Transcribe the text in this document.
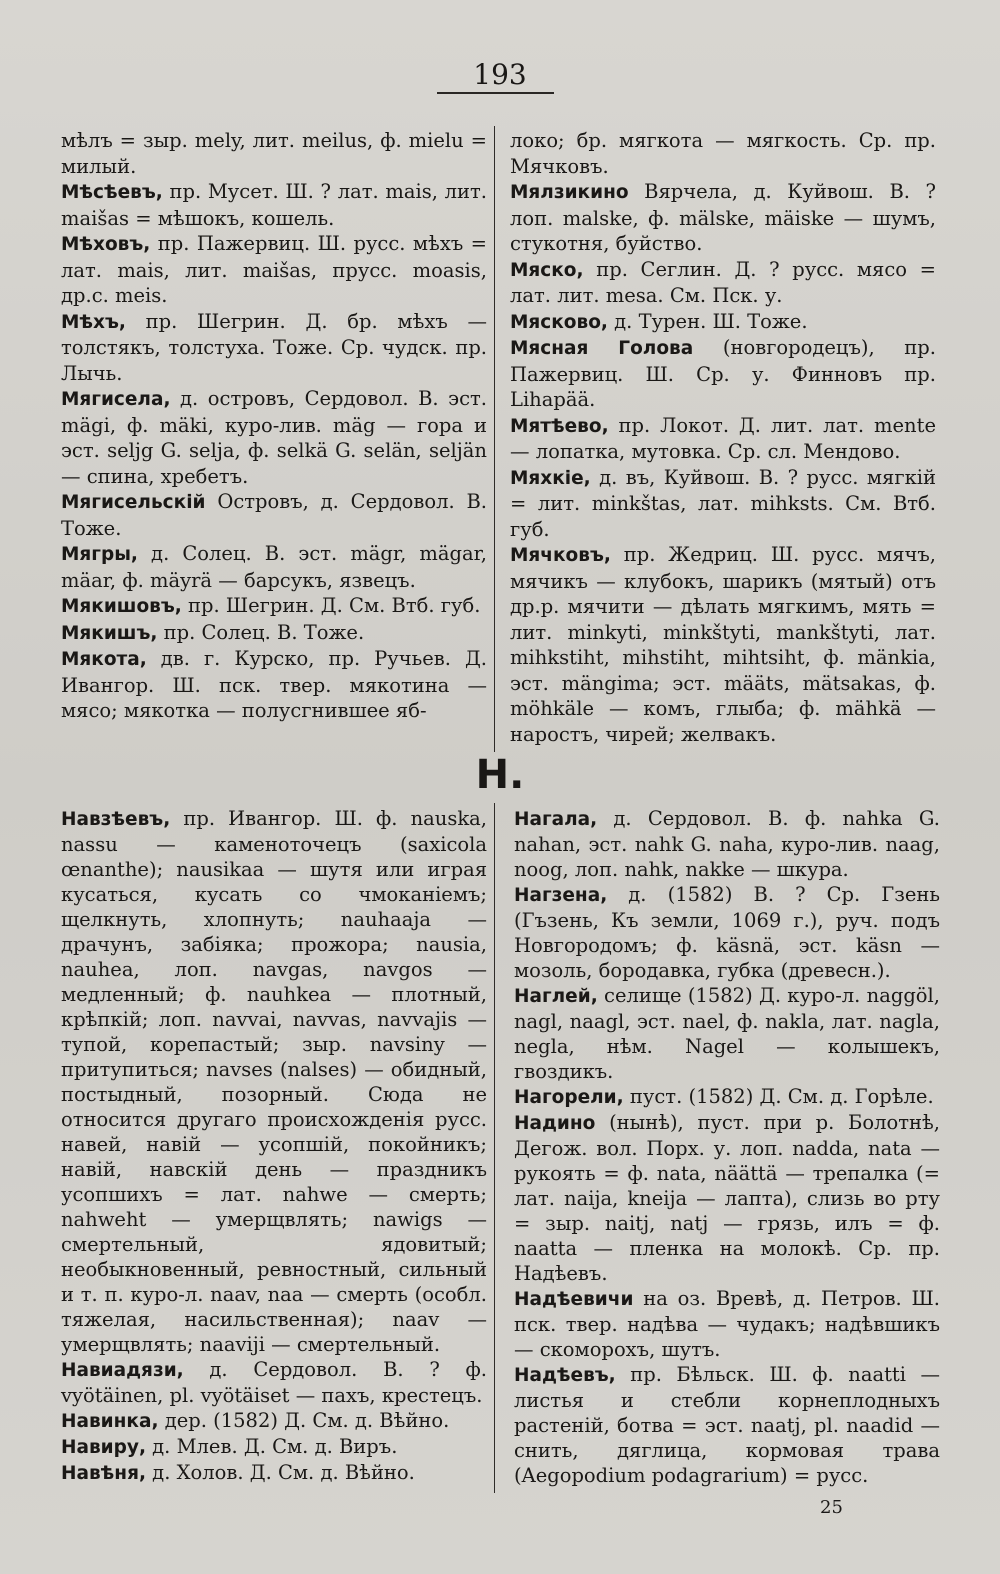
193
мѣлъ = зыр. mely, лит. meilus, ф. mielu = милый.
Мѣсѣевъ, пр. Мусет. Ш. ? лат. mais, лит. maišas = мѣшокъ, кошель.
Мѣховъ, пр. Пажервиц. Ш. русс. мѣхъ = лат. mais, лит. maišas, прусс. moasis, др.с. meis.
Мѣхъ, пр. Шегрин. Д. бр. мѣхъ — толстякъ, толстуха. Тоже. Ср. чудск. пр. Лычь.
Мягисела, д. островъ, Сердовол. В. эст. mägi, ф. mäki, куро-лив. mäg — гора и эст. seljg G. selja, ф. selkä G. selän, seljän — спина, хребетъ.
Мягисельскій Островъ, д. Сердовол. В. Тоже.
Мягры, д. Солец. В. эст. mägr, mägar, mäar, ф. mäyrä — барсукъ, язвецъ.
Мякишовъ, пр. Шегрин. Д. См. Втб. губ.
Мякишъ, пр. Солец. В. Тоже.
Мякота, дв. г. Курско, пр. Ручьев. Д. Ивангор. Ш. пск. твер. мякотина — мясо; мякотка — полусгнившее яб-
локо; бр. мягкота — мягкость. Ср. пр. Мячковъ.
Мялзикино Вярчела, д. Куйвош. В. ? лоп. malske, ф. mälske, mäiske — шумъ, стукотня, буйство.
Мяско, пр. Сеглин. Д. ? русс. мясо = лат. лит. mesa. См. Пск. у.
Мясково, д. Турен. Ш. Тоже.
Мясная Голова (новгородецъ), пр. Пажервиц. Ш. Ср. у. Финновъ пр. Lihapää.
Мятѣево, пр. Локот. Д. лит. лат. mente — лопатка, мутовка. Ср. сл. Мендово.
Мяхкіе, д. въ, Куйвош. В. ? русс. мягкій = лит. minkštas, лат. mihksts. См. Втб. губ.
Мячковъ, пр. Жедриц. Ш. русс. мячъ, мячикъ — клубокъ, шарикъ (мятый) отъ др.р. мячити — дѣлать мягкимъ, мять = лит. minkyti, minkštyti, mankštyti, лат. mihkstiht, mihstiht, mihtsiht, ф. mänkia, эст. mängima; эст. määts, mätsakas, ф. möhkäle — комъ, глыба; ф. mähkä — наростъ, чирей; желвакъ.
Н.
Навзѣевъ, пр. Ивангор. Ш. ф. nauska, nassu — каменоточецъ (saxicola œnanthe); nausikaa — шутя или играя кусаться, кусать со чмоканіемъ; щелкнуть, хлопнуть; nauhaaja — драчунъ, забіяка; прожора; nausia, nauhea, лоп. navgas, navgos — медленный; ф. nauhkea — плотный, крѣпкій; лоп. navvai, navvas, navvajis — тупой, корепастый; зыр. navsiny — притупиться; navses (nalses) — обидный, постыдный, позорный. Сюда не относится другаго происхожденія русс. навей, навій — усопшій, покойникъ; навій, навскій день — праздникъ усопшихъ = лат. nahwe — смерть; nahweht — умерщвлять; nawigs — смертельный, ядовитый; необыкновенный, ревностный, сильный и т. п. куро-л. naav, naa — смерть (особл. тяжелая, насильственная); naav — умерщвлять; naaviji — смертельный.
Навиадязи, д. Сердовол. В. ? ф. vyötäinen, pl. vyötäiset — пахъ, крестецъ.
Навинка, дер. (1582) Д. См. д. Вѣйно.
Навиру, д. Млев. Д. См. д. Виръ.
Навѣня, д. Холов. Д. См. д. Вѣйно.
Нагала, д. Сердовол. В. ф. nahka G. nahan, эст. nahk G. naha, куро-лив. naag, noog, лоп. nahk, nakke — шкура.
Нагзена, д. (1582) В. ? Ср. Гзень (Гъзень, Къ земли, 1069 г.), руч. подъ Новгородомъ; ф. käsnä, эст. käsn — мозоль, бородавка, губка (древесн.).
Наглей, селище (1582) Д. куро-л. naggöl, nagl, naagl, эст. nael, ф. nakla, лат. nagla, negla, нѣм. Nagel — колышекъ, гвоздикъ.
Нагорели, пуст. (1582) Д. См. д. Горѣле.
Надино (нынѣ), пуст. при р. Болотнѣ, Дегож. вол. Порх. у. лоп. nadda, nata — рукоять = ф. nata, näättä — трепалка (= лат. naija, kneija — лапта), слизь во рту = зыр. naitj, natj — грязь, илъ = ф. naatta — пленка на молокѣ. Ср. пр. Надѣевъ.
Надѣевичи на оз. Вревѣ, д. Петров. Ш. пск. твер. надѣва — чудакъ; надѣвшикъ — скоморохъ, шутъ.
Надѣевъ, пр. Бѣльск. Ш. ф. naatti — листья и стебли корнеплодныхъ растеній, ботва = эст. naatj, pl. naadid — снить, дяглица, кормовая трава (Aegopodium podagrarium) = русс.
25
